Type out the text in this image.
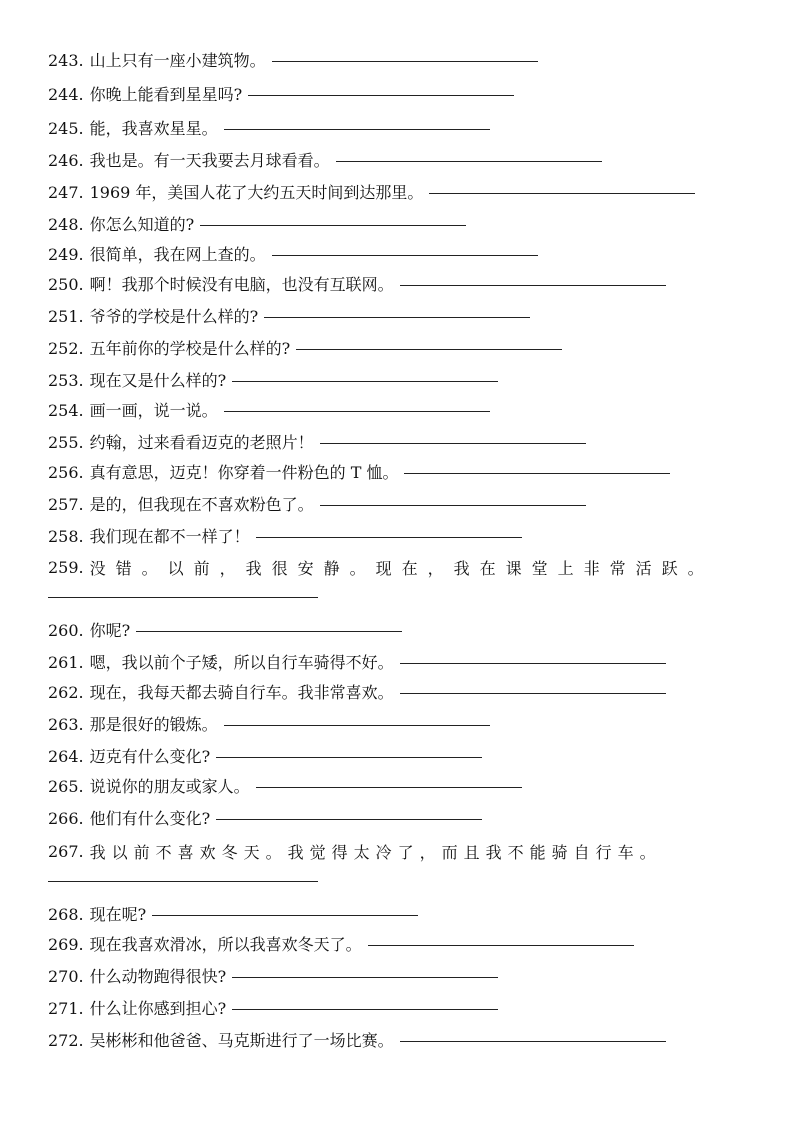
243. 山上只有一座小建筑物。
244. 你晚上能看到星星吗?
245. 能，我喜欢星星。
246. 我也是。有一天我要去月球看看。
247. 1969 年，美国人花了大约五天时间到达那里。
248. 你怎么知道的?
249. 很简单，我在网上查的。
250. 啊！我那个时候没有电脑，也没有互联网。
251. 爷爷的学校是什么样的?
252. 五年前你的学校是什么样的?
253. 现在又是什么样的?
254. 画一画，说一说。
255. 约翰，过来看看迈克的老照片！
256. 真有意思，迈克！你穿着一件粉色的 T 恤。
257. 是的，但我现在不喜欢粉色了。
258. 我们现在都不一样了！
259. 没错。以前，我很安静。现在，我在课堂上非常活跃。
260. 你呢?
261. 嗯，我以前个子矮，所以自行车骑得不好。
262. 现在，我每天都去骑自行车。我非常喜欢。
263. 那是很好的锻炼。
264. 迈克有什么变化?
265. 说说你的朋友或家人。
266. 他们有什么变化?
267. 我以前不喜欢冬天。我觉得太冷了，而且我不能骑自行车。
268. 现在呢?
269. 现在我喜欢滑冰，所以我喜欢冬天了。
270. 什么动物跑得很快?
271. 什么让你感到担心?
272. 吴彬彬和他爸爸、马克斯进行了一场比赛。
